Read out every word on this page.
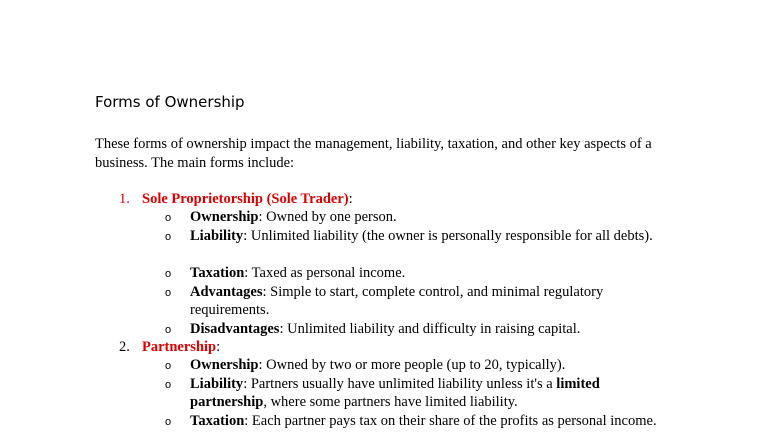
Forms of Ownership
These forms of ownership impact the management, liability, taxation, and other key aspects of a business. The main forms include:
1. Sole Proprietorship (Sole Trader):
o Ownership: Owned by one person.
o Liability: Unlimited liability (the owner is personally responsible for all debts).
o Taxation: Taxed as personal income.
o Advantages: Simple to start, complete control, and minimal regulatory requirements.
o Disadvantages: Unlimited liability and difficulty in raising capital.
2. Partnership:
o Ownership: Owned by two or more people (up to 20, typically).
o Liability: Partners usually have unlimited liability unless it's a limited partnership, where some partners have limited liability.
o Taxation: Each partner pays tax on their share of the profits as personal income.
